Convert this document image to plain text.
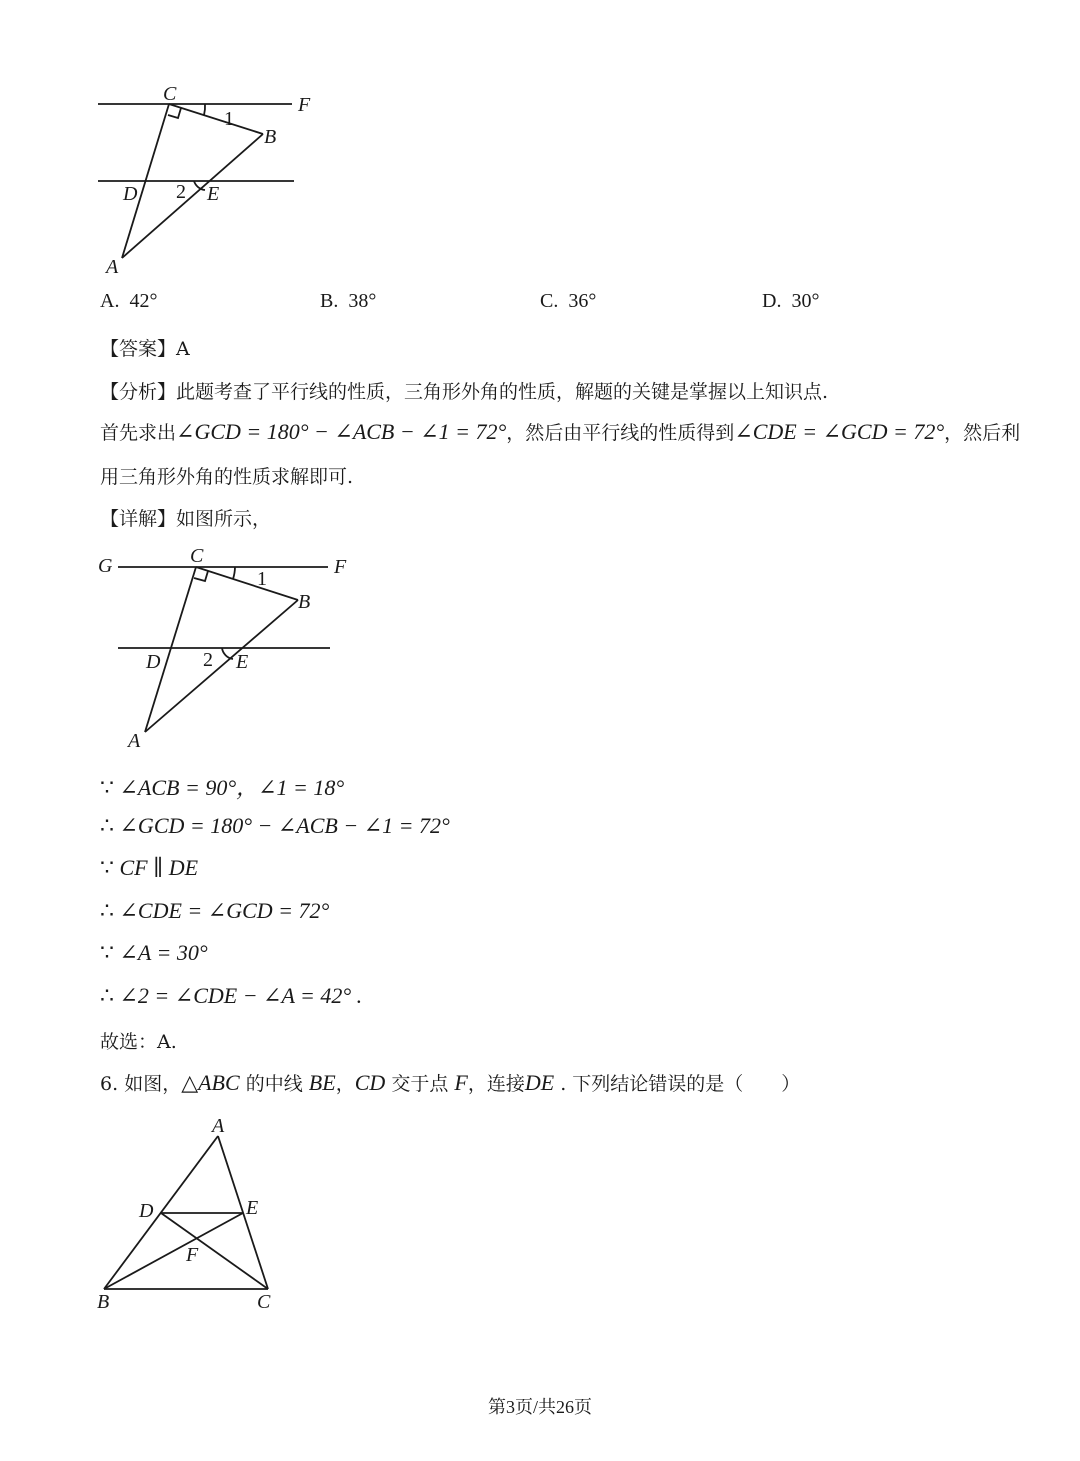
C	F
B
D	E
A
1
2
A. 42°	B. 38°	C. 36°	D. 30°
【答案】A
【分析】此题考查了平行线的性质，三角形外角的性质，解题的关键是掌握以上知识点.
首先求出∠GCD = 180° − ∠ACB − ∠1 = 72°，然后由平行线的性质得到∠CDE = ∠GCD = 72°，然后利
用三角形外角的性质求解即可.
【详解】如图所示，
G	C	F
B
D	E
A
1
2
∵ ∠ACB = 90°，∠1 = 18°
∴ ∠GCD = 180° − ∠ACB − ∠1 = 72°
∵ CF ∥ DE
∴ ∠CDE = ∠GCD = 72°
∵ ∠A = 30°
∴ ∠2 = ∠CDE − ∠A = 42° .
故选：A.
6. 如图，△ABC 的中线 BE，CD 交于点 F，连接DE . 下列结论错误的是（　　）
A
D	E
F
B	C
第3页/共26页
